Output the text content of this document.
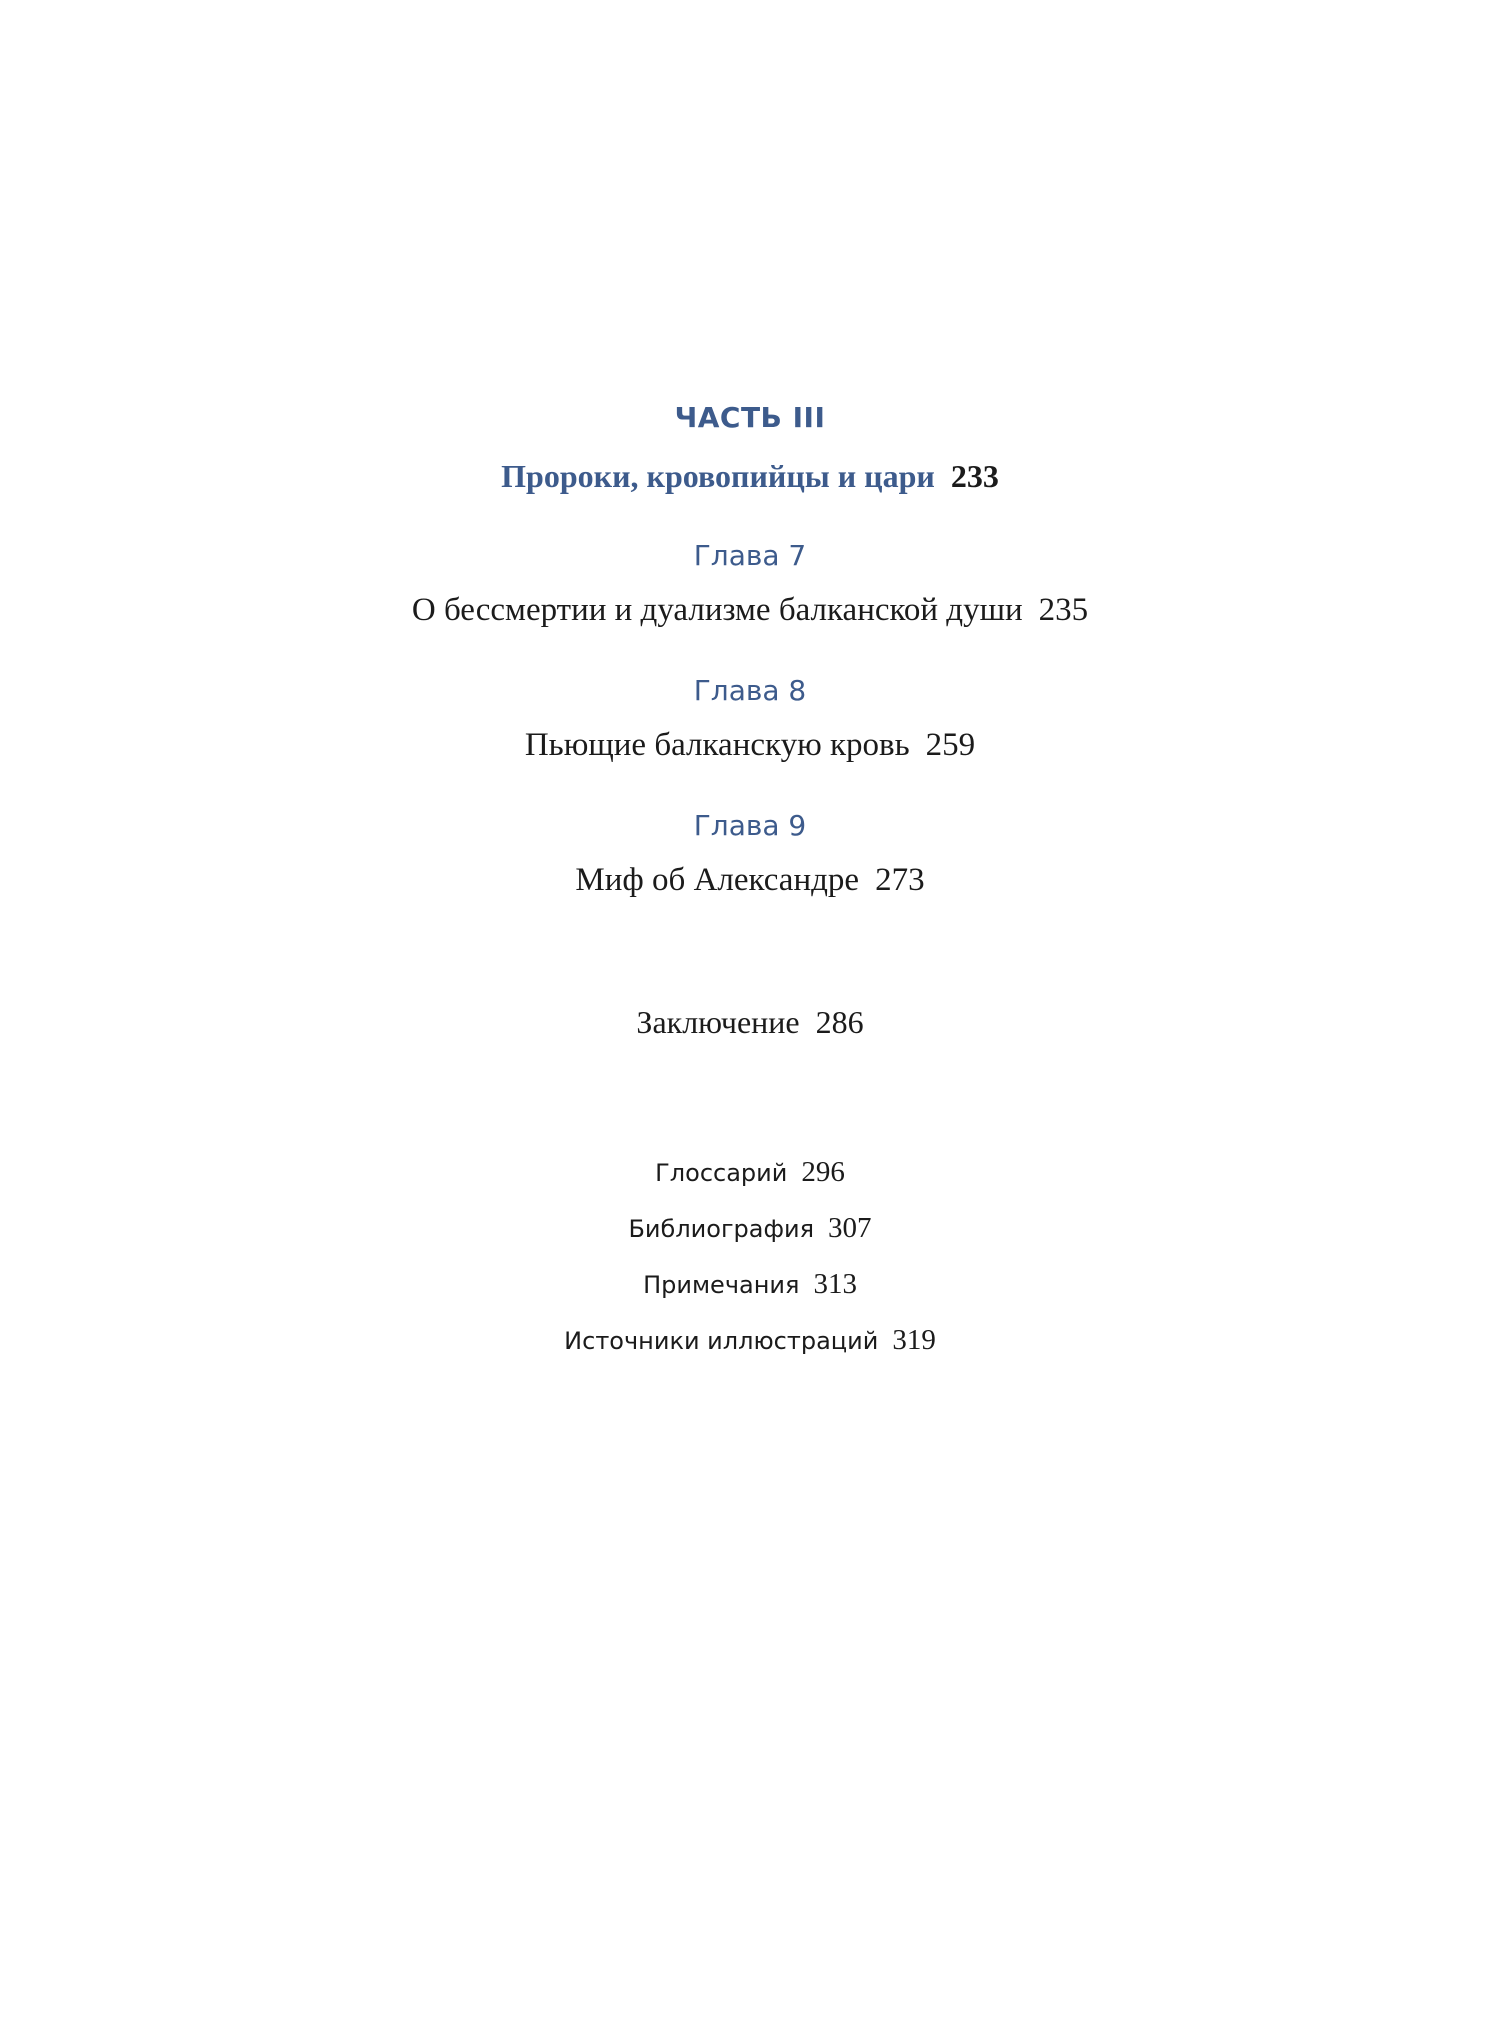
ЧАСТЬ III
Пророки, кровопийцы и цари 233
Глава 7
О бессмертии и дуализме балканской души 235
Глава 8
Пьющие балканскую кровь 259
Глава 9
Миф об Александре 273
Заключение 286
Глоссарий 296
Библиография 307
Примечания 313
Источники иллюстраций 319
